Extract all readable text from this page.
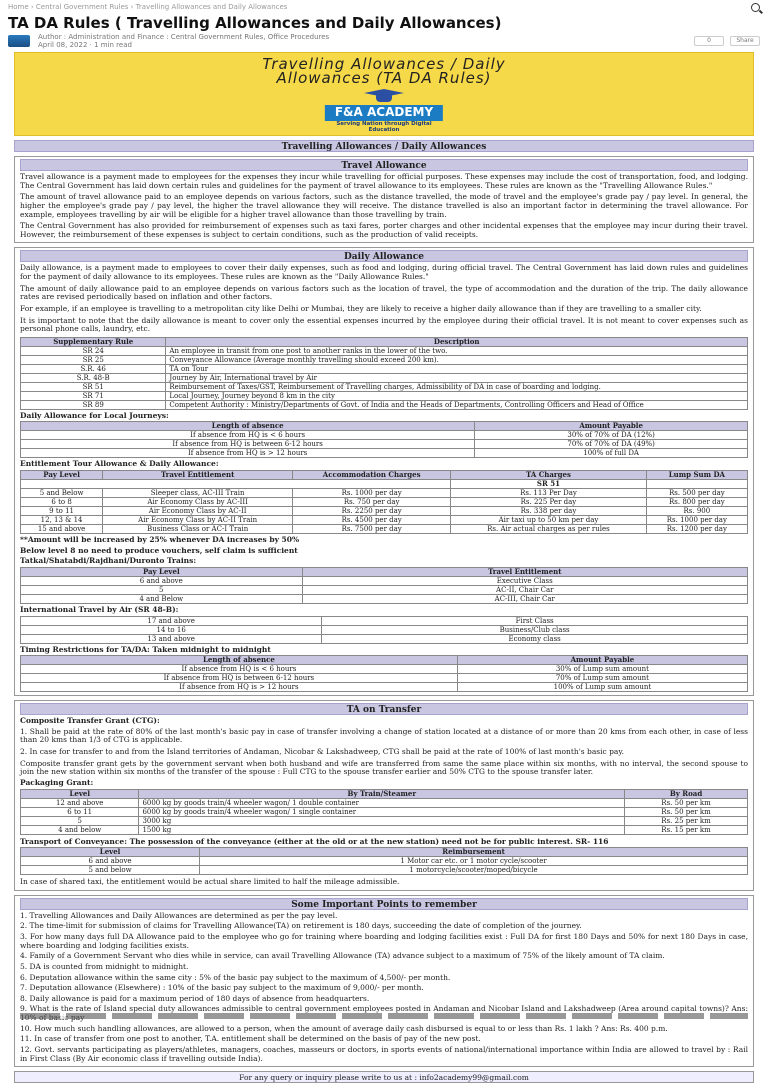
Home › Central Government Rules › Travelling Allowances and Daily Allowances
TA DA Rules ( Travelling Allowances and Daily Allowances)
Author : Administration and Finance : Central Government Rules, Office Procedures
April 08, 2022 · 1 min read
0	Share
Travelling Allowances / Daily
Allowances (TA DA Rules)
F&A ACADEMY
Serving Nation through Digital Education
Travelling Allowances / Daily Allowances
Travel Allowance

Travel allowance is a payment made to employees for the expenses they incur while travelling for official purposes. These expenses may include the cost of transportation, food, and lodging. The Central Government has laid down certain rules and guidelines for the payment of travel allowance to its employees. These rules are known as the "Travelling Allowance Rules."

The amount of travel allowance paid to an employee depends on various factors, such as the distance travelled, the mode of travel and the employee's grade pay / pay level. In general, the higher the employee's grade pay / pay level, the higher the travel allowance they will receive. The distance travelled is also an important factor in determining the travel allowance. For example, employees travelling by air will be eligible for a higher travel allowance than those travelling by train.

The Central Government has also provided for reimbursement of expenses such as taxi fares, porter charges and other incidental expenses that the employee may incur during their travel. However, the reimbursement of these expenses is subject to certain conditions, such as the production of valid receipts.

Daily Allowance

Daily allowance, is a payment made to employees to cover their daily expenses, such as food and lodging, during official travel. The Central Government has laid down rules and guidelines for the payment of daily allowance to its employees. These rules are known as the "Daily Allowance Rules."

The amount of daily allowance paid to an employee depends on various factors such as the location of travel, the type of accommodation and the duration of the trip. The daily allowance rates are revised periodically based on inflation and other factors.

For example, if an employee is travelling to a metropolitan city like Delhi or Mumbai, they are likely to receive a higher daily allowance than if they are travelling to a smaller city.

It is important to note that the daily allowance is meant to cover only the essential expenses incurred by the employee during their official travel. It is not meant to cover expenses such as personal phone calls, laundry, etc.

Supplementary Rule	Description
SR 24	An employee in transit from one post to another ranks in the lower of the two.
SR 25	Conveyance Allowance (Average monthly travelling should exceed 200 km).
S.R. 46	TA on Tour
S.R. 48-B	Journey by Air, International travel by Air
SR 51	Reimbursement of Taxes/GST, Reimbursement of Travelling charges, Admissibility of DA in case of boarding and lodging.
SR 71	Local Journey, Journey beyond 8 km in the city
SR 89	Competent Authority : Ministry/Departments of Govt. of India and the Heads of Departments, Controlling Officers and Head of Office
Daily Allowance for Local Journeys:
Length of absence	Amount Payable
If absence from HQ is < 6 hours	30% of 70% of DA (12%)
If absence from HQ is between 6-12 hours	70% of 70% of DA (49%)
If absence from HQ is > 12 hours	100% of full DA
Entitlement Tour Allowance & Daily Allowance:
Pay Level	Travel Entitlement	Accommodation Charges	TA Charges	Lump Sum DA
			SR 51	
5 and Below	Sleeper class, AC-III Train	Rs. 1000 per day	Rs. 113 Per Day	Rs. 500 per day
6 to 8	Air Economy Class by AC-III	Rs. 750 per day	Rs. 225 Per day	Rs. 800 per day
9 to 11	Air Economy Class by AC-II	Rs. 2250 per day	Rs. 338 per day	Rs. 900
12, 13 & 14	Air Economy Class by AC-II Train	Rs. 4500 per day	Air taxi up to 50 km per day	Rs. 1000 per day
15 and above	Business Class or AC-I Train	Rs. 7500 per day	Rs. Air actual charges as per rules	Rs. 1200 per day
**Amount will be increased by 25% whenever DA increases by 50%
Below level 8 no need to produce vouchers, self claim is sufficient
Tatkal/Shatabdi/Rajdhani/Duronto Trains:
Pay Level	Travel Entitlement
6 and above	Executive Class
5	AC-II, Chair Car
4 and Below	AC-III, Chair Car
International Travel by Air (SR 48-B):
17 and above	First Class
14 to 16	Business/Club class
13 and above	Economy class
Timing Restrictions for TA/DA: Taken midnight to midnight
Length of absence	Amount Payable
If absence from HQ is < 6 hours	30% of Lump sum amount
If absence from HQ is between 6-12 hours	70% of Lump sum amount
If absence from HQ is > 12 hours	100% of Lump sum amount
TA on Transfer
Composite Transfer Grant (CTG):

1. Shall be paid at the rate of 80% of the last month's basic pay in case of transfer involving a change of station located at a distance of or more than 20 kms from each other, in case of less than 20 kms than 1/3 of CTG is applicable.

2. In case for transfer to and from the Island territories of Andaman, Nicobar & Lakshadweep, CTG shall be paid at the rate of 100% of last month's basic pay.

Composite transfer grant gets by the government servant when both husband and wife are transferred from same the same place within six months, with no interval, the second spouse to join the new station within six months of the transfer of the spouse : Full CTG to the spouse transfer earlier and 50% CTG to the spouse transfer later.

Packaging Grant:
Level	By Train/Steamer	By Road
12 and above	6000 kg by goods train/4 wheeler wagon/ 1 double container	Rs. 50 per km
6 to 11	6000 kg by goods train/4 wheeler wagon/ 1 single container	Rs. 50 per km
5	3000 kg	Rs. 25 per km
4 and below	1500 kg	Rs. 15 per km

Transport of Conveyance: The possession of the conveyance (either at the old or at the new station) need not be for public interest. SR- 116

Level	Reimbursement
6 and above	1 Motor car etc. or 1 motor cycle/scooter
5 and below	1 motorcycle/scooter/moped/bicycle

In case of shared taxi, the entitlement would be actual share limited to half the mileage admissible.

Some Important Points to remember
1. Travelling Allowances and Daily Allowances are determined as per the pay level.
2. The time-limit for submission of claims for Travelling Allowance(TA) on retirement is 180 days, succeeding the date of completion of the journey.
3. For how many days full DA Allowance paid to the employee who go for training where boarding and lodging facilities exist : Full DA for first 180 Days and 50% for next 180 Days in case, where boarding and lodging facilities exists.
4. Family of a Government Servant who dies while in service, can avail Travelling Allowance (TA) advance subject to a maximum of 75% of the likely amount of TA claim.
5. DA is counted from midnight to midnight.
6. Deputation allowance within the same city : 5% of the basic pay subject to the maximum of 4,500/- per month.
7. Deputation allowance (Elsewhere) : 10% of the basic pay subject to the maximum of 9,000/- per month.
8. Daily allowance is paid for a maximum period of 180 days of absence from headquarters.
9. What is the rate of Island special duty allowances admissible to central government employees posted in Andaman and Nicobar Island and Lakshadweep (Area around capital towns)? Ans:
10. How much such handling allowances, are allowed to a person, when the amount of average daily cash disbursed is equal to or less than Rs. 1 lakh ? Ans: Rs. 400 p.m.
11. In case of transfer from one post to another, T.A. entitlement shall be determined on the basis of pay of the new post.
12. Govt. servants participating as players/athletes, managers, coaches, masseurs or doctors, in sports events of national/international importance within India are allowed to travel by : Rail in First Class (By Air economic class if travelling outside India).
For any query or inquiry please write to us at : info2academy99@gmail.com
